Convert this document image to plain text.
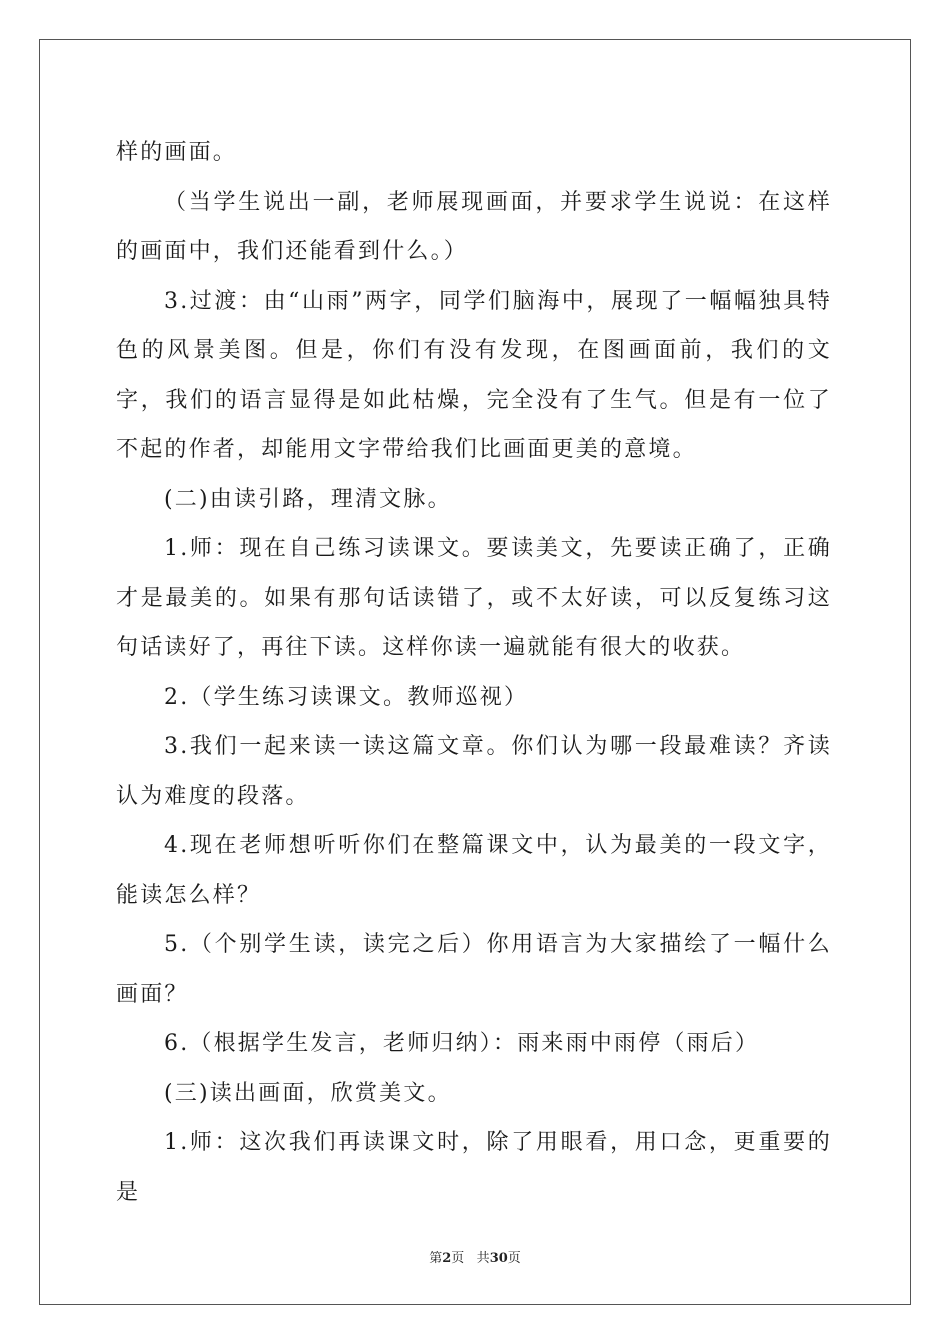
样的画面。

（当学生说出一副，老师展现画面，并要求学生说说：在这样的画面中，我们还能看到什么。）

3.过渡：由“山雨”两字，同学们脑海中，展现了一幅幅独具特色的风景美图。但是，你们有没有发现，在图画面前，我们的文字，我们的语言显得是如此枯燥，完全没有了生气。但是有一位了不起的作者，却能用文字带给我们比画面更美的意境。

(二)由读引路，理清文脉。

1.师：现在自己练习读课文。要读美文，先要读正确了，正确才是最美的。如果有那句话读错了，或不太好读，可以反复练习这句话读好了，再往下读。这样你读一遍就能有很大的收获。

2.（学生练习读课文。教师巡视）

3.我们一起来读一读这篇文章。你们认为哪一段最难读？齐读认为难度的段落。

4.现在老师想听听你们在整篇课文中，认为最美的一段文字，能读怎么样？

5.（个别学生读，读完之后）你用语言为大家描绘了一幅什么画面？

6.（根据学生发言，老师归纳）：雨来雨中雨停（雨后）

(三)读出画面，欣赏美文。

1.师：这次我们再读课文时，除了用眼看，用口念，更重要的是

第2页 共30页
